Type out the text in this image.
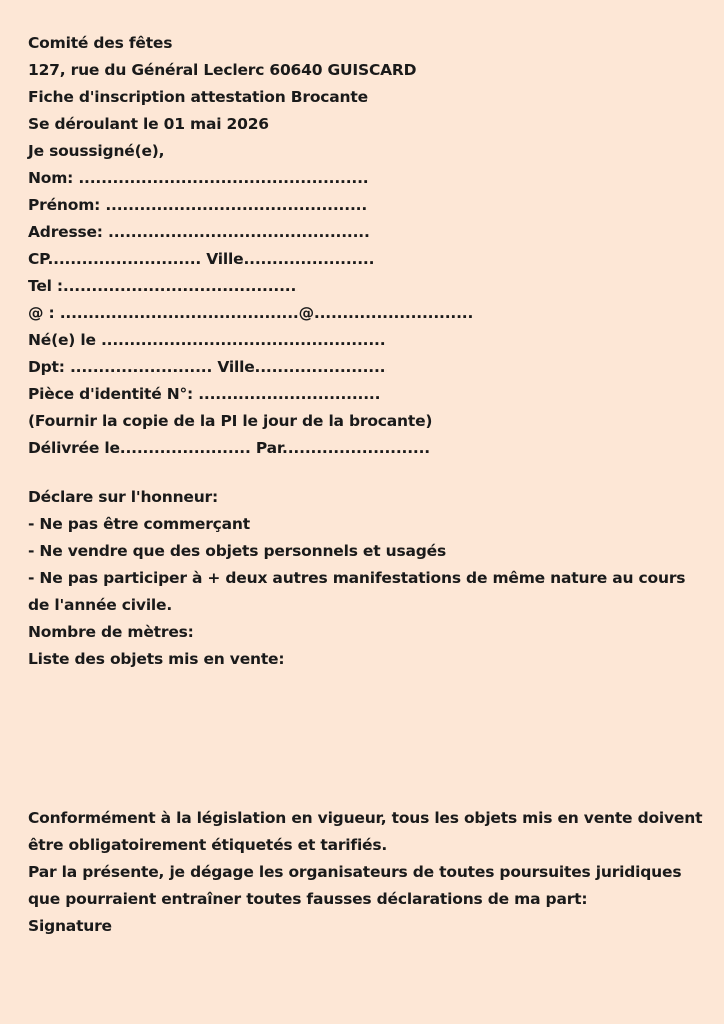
Comité des fêtes
127, rue du Général Leclerc 60640 GUISCARD
Fiche d'inscription attestation Brocante
Se déroulant le 01 mai 2026
Je soussigné(e),
Nom: ...................................................
Prénom: ..............................................
Adresse: ..............................................
CP........................... Ville.......................
Tel :.........................................
@ : ..........................................@............................
Né(e) le ..................................................
Dpt: ......................... Ville.......................
Pièce d'identité N°: ................................
(Fournir la copie de la PI le jour de la brocante)
Délivrée le....................... Par..........................
Déclare sur l'honneur:
- Ne pas être commerçant
- Ne vendre que des objets personnels et usagés
- Ne pas participer à + deux autres manifestations de même nature au cours de l'année civile.
Nombre de mètres:
Liste des objets mis en vente:
Conformément à la législation en vigueur, tous les objets mis en vente doivent être obligatoirement étiquetés et tarifiés.
Par la présente, je dégage les organisateurs de toutes poursuites juridiques que pourraient entraîner toutes fausses déclarations de ma part:
Signature
